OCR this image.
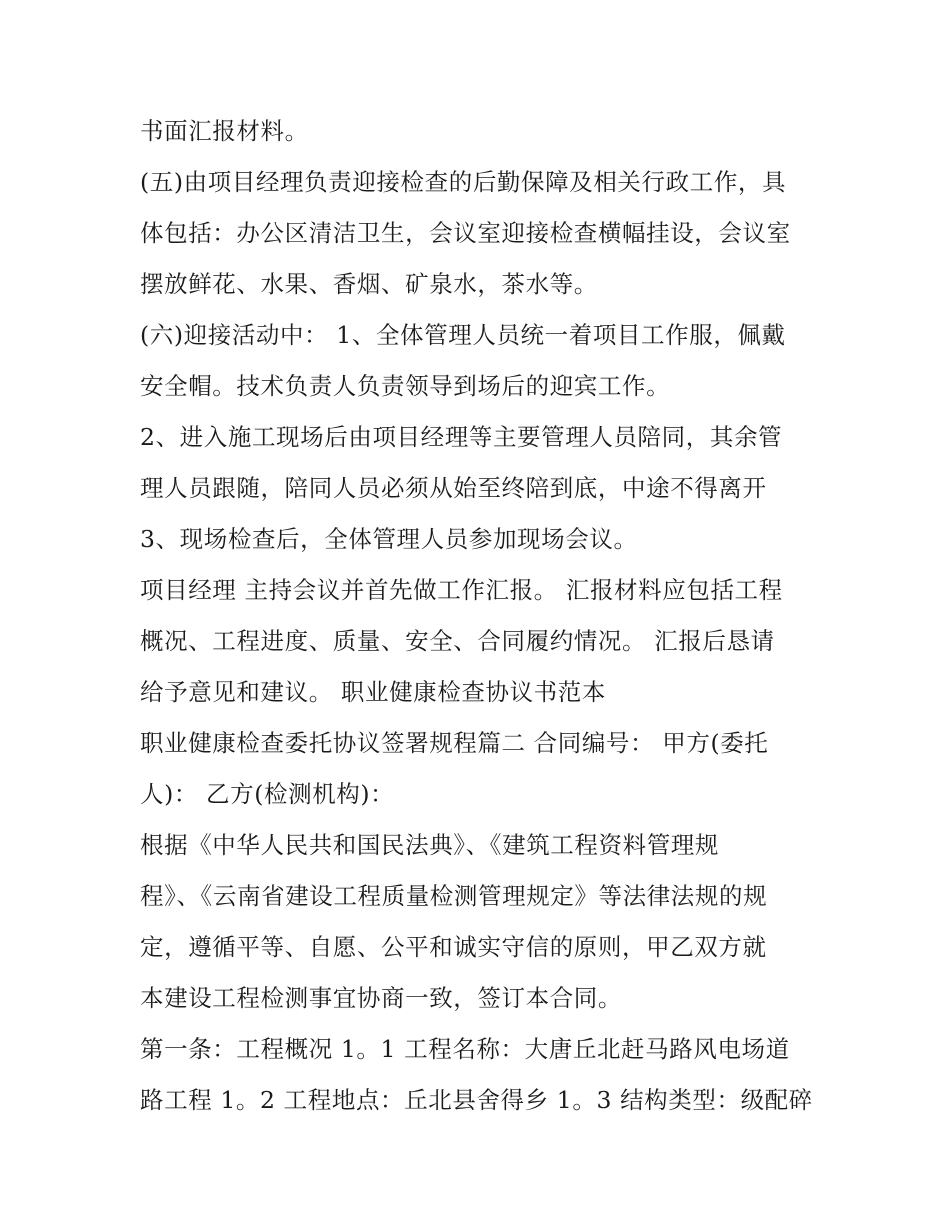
书面汇报材料。
(五)由项目经理负责迎接检查的后勤保障及相关行政工作，具
体包括：办公区清洁卫生，会议室迎接检查横幅挂设，会议室
摆放鲜花、水果、香烟、矿泉水，茶水等。
(六)迎接活动中： 1、全体管理人员统一着项目工作服，佩戴
安全帽。技术负责人负责领导到场后的迎宾工作。
2、进入施工现场后由项目经理等主要管理人员陪同，其余管
理人员跟随，陪同人员必须从始至终陪到底，中途不得离开
3、现场检查后，全体管理人员参加现场会议。
项目经理 主持会议并首先做工作汇报。 汇报材料应包括工程
概况、工程进度、质量、安全、合同履约情况。 汇报后恳请
给予意见和建议。 职业健康检查协议书范本
职业健康检查委托协议签署规程篇二 合同编号： 甲方(委托
人)： 乙方(检测机构)：
根据《中华人民共和国民法典》、《建筑工程资料管理规
程》、《云南省建设工程质量检测管理规定》等法律法规的规
定，遵循平等、自愿、公平和诚实守信的原则，甲乙双方就
本建设工程检测事宜协商一致，签订本合同。
第一条：工程概况 1。1 工程名称：大唐丘北赶马路风电场道
路工程 1。2 工程地点：丘北县舍得乡 1。3 结构类型：级配碎
